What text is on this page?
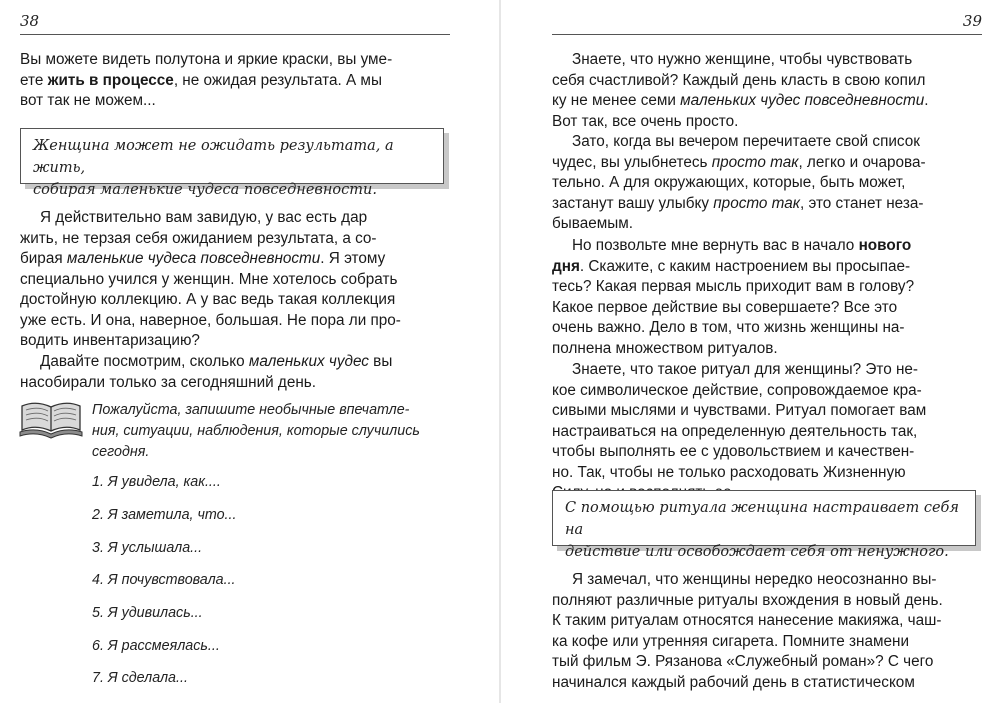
38
Вы можете видеть полутона и яркие краски, вы уме-
ете жить в процессе, не ожидая результата. А мы
вот так не можем...
Женщина может не ожидать результата, а жить,
собирая маленькие чудеса повседневности.
Я действительно вам завидую, у вас есть дар
жить, не терзая себя ожиданием результата, а со-
бирая маленькие чудеса повседневности. Я этому
специально учился у женщин. Мне хотелось собрать
достойную коллекцию. А у вас ведь такая коллекция
уже есть. И она, наверное, большая. Не пора ли про-
водить инвентаризацию?
Давайте посмотрим, сколько маленьких чудес вы
насобирали только за сегодняшний день.
Пожалуйста, запишите необычные впечатле-
ния, ситуации, наблюдения, которые случились
сегодня.
1. Я увидела, как....
2. Я заметила, что...
3. Я услышала...
4. Я почувствовала...
5. Я удивилась...
6. Я рассмеялась...
7. Я сделала...
39
Знаете, что нужно женщине, чтобы чувствовать
себя счастливой? Каждый день класть в свою копил
ку не менее семи маленьких чудес повседневности.
Вот так, все очень просто.
Зато, когда вы вечером перечитаете свой список
чудес, вы улыбнетесь просто так, легко и очарова-
тельно. А для окружающих, которые, быть может,
застанут вашу улыбку просто так, это станет неза-
бываемым.
Но позвольте мне вернуть вас в начало нового
дня. Скажите, с каким настроением вы просыпае-
тесь? Какая первая мысль приходит вам в голову?
Какое первое действие вы совершаете? Все это
очень важно. Дело в том, что жизнь женщины на-
полнена множеством ритуалов.
Знаете, что такое ритуал для женщины? Это не-
кое символическое действие, сопровождаемое кра-
сивыми мыслями и чувствами. Ритуал помогает вам
настраиваться на определенную деятельность так,
чтобы выполнять ее с удовольствием и качествен-
но. Так, чтобы не только расходовать Жизненную
С помощью ритуала женщина настраивает себя на
действие или освобождает себя от ненужного.
Я замечал, что женщины нередко неосознанно вы-
полняют различные ритуалы вхождения в новый день.
К таким ритуалам относятся нанесение макияжа, чаш-
ка кофе или утренняя сигарета. Помните знамени
тый фильм Э. Рязанова «Служебный роман»? С чего
начинался каждый рабочий день в статистическом
